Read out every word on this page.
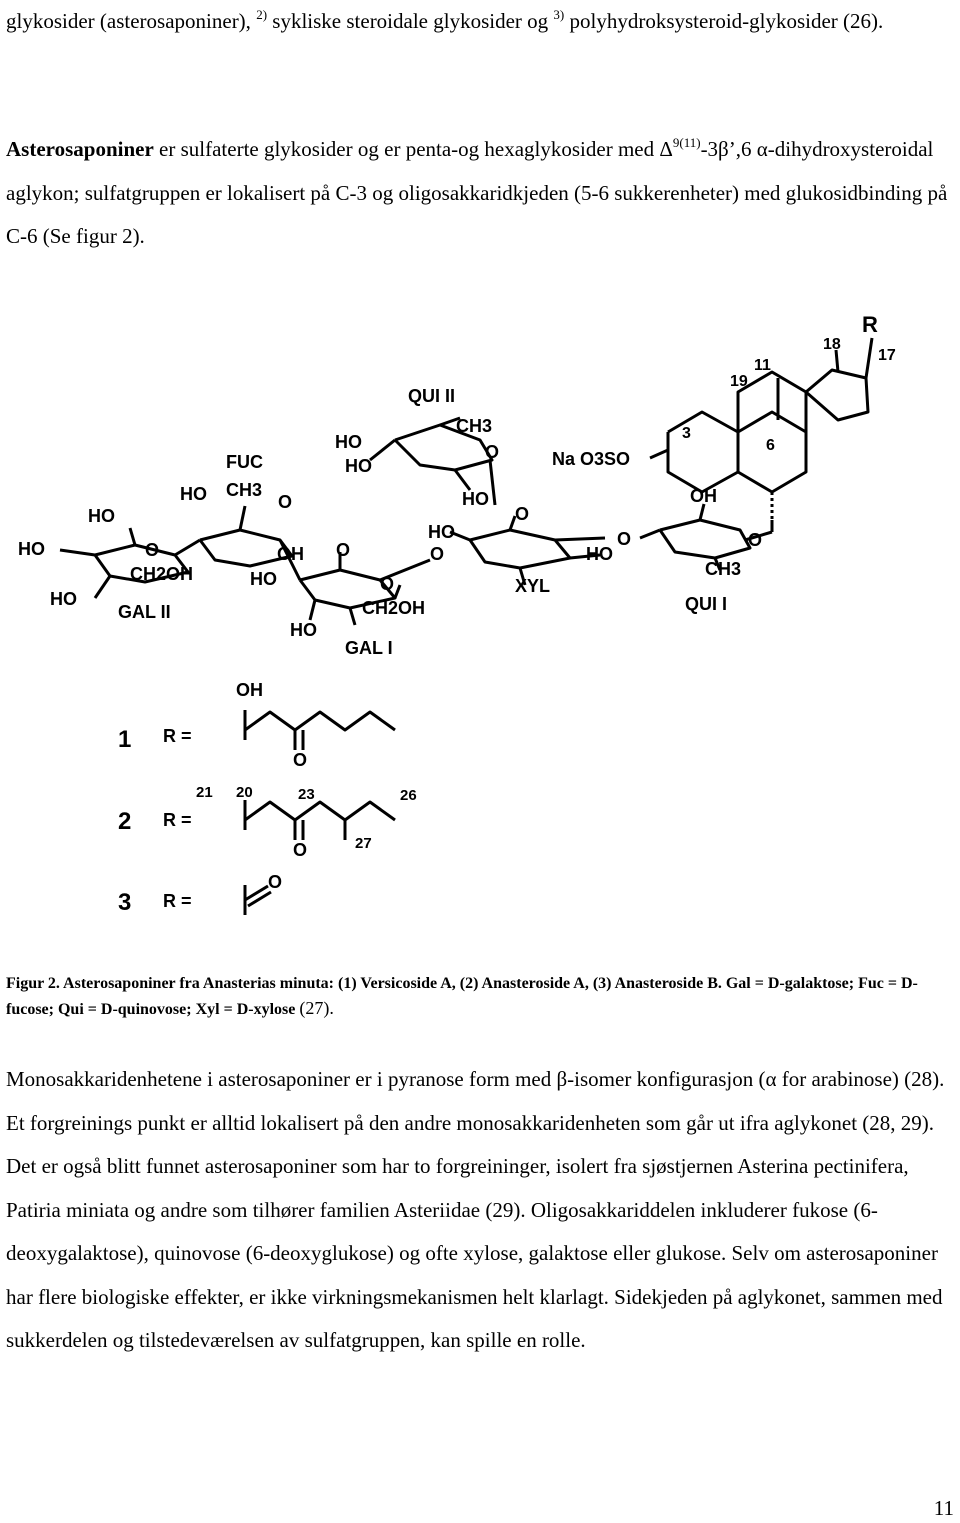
glykosider (asterosaponiner), $^{2)}$ sykliske steroidale glykosider og $^{3)}$ polyhydroksysteroid-glykosider (26).

Asterosaponiner er sulfaterte glykosider og er penta-og hexaglykosider med $\Delta^{9(11)}-3\beta’,6$ α-dihydroxysteroidal aglykon; sulfatgruppen er lokalisert på C-3 og oligosakkaridkjeden (5-6 sukkerenheter) med glukosidbinding på C-6 (Se figur 2).

R
18
17
11
19
3
6
QUI II
CH3
HO
HO
O	Na O3SO
FUC
HO CH3
O	HO
O
HO
HO	O	OH O
CH2OH
HO
GAL II
HO
CH2OH
HO
GAL I
HO
O
XYL
OH
O
HO
O
CH3
QUI I
O
1 R =
OH
O
2 R =
21 20	23	26
27
O
3 R =
O

Figur 2. Asterosaponiner fra Anasterias minuta: (1) Versicoside A, (2) Anasteroside A, (3) Anasteroside B. Gal = D-galaktose; Fuc = D-fucose; Qui = D-quinovose; Xyl = D-xylose (27).

Monosakkaridenhetene i asterosaponiner er i pyranose form med β-isomer konfigurasjon (α for arabinose) (28). Et forgreinings punkt er alltid lokalisert på den andre monosakkaridenheten som går ut ifra aglykonet (28, 29). Det er også blitt funnet asterosaponiner som har to forgreininger, isolert fra sjøstjernen Asterina pectinifera, Patiria miniata og andre som tilhører familien Asteriidae (29). Oligosakkariddelen inkluderer fukose (6-deoxygalaktose), quinovose (6-deoxyglukose) og ofte xylose, galaktose eller glukose. Selv om asterosaponiner har flere biologiske effekter, er ikke virkningsmekanismen helt klarlagt. Sidekjeden på aglykonet, sammen med sukkerdelen og tilstedeværelsen av sulfatgruppen, kan spille en rolle.

11
